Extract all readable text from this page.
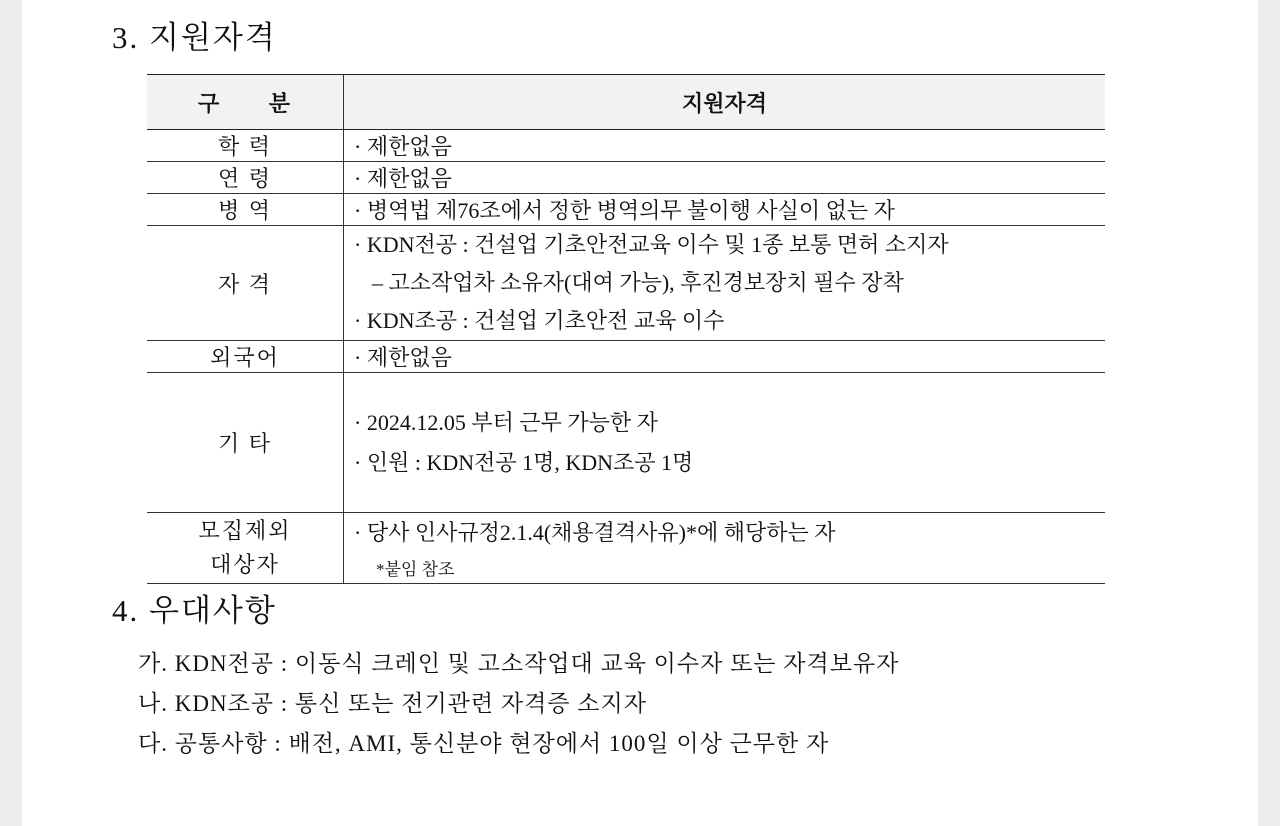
3. 지원자격
구 분	지원자격
학 력	· 제한없음

연 령	· 제한없음

병 역	· 병역법 제76조에서 정한 병역의무 불이행 사실이 없는 자

자 격	· KDN전공 : 건설업 기초안전교육 이수 및 1종 보통 면허 소지자
– 고소작업차 소유자(대여 가능), 후진경보장치 필수 장착
· KDN조공 : 건설업 기초안전 교육 이수

외국어	· 제한없음

기 타	· 2024.12.05 부터 근무 가능한 자
· 인원 : KDN전공 1명, KDN조공 1명

모집제외
대상자	· 당사 인사규정2.1.4(채용결격사유)*에 해당하는 자
*붙임 참조
4. 우대사항
가. KDN전공 : 이동식 크레인 및 고소작업대 교육 이수자 또는 자격보유자
나. KDN조공 : 통신 또는 전기관련 자격증 소지자
다. 공통사항 : 배전, AMI, 통신분야 현장에서 100일 이상 근무한 자
